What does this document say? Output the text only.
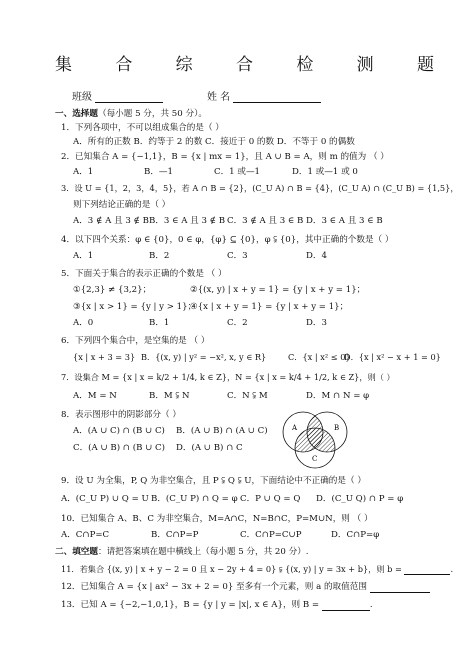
集	合	综	合	检	测	题
班级	姓 名
一、选择题（每小题 5 分，共 50 分）。
1．下列各项中，不可以组成集合的是（ ）
A．所有的正数 B．约等于 2 的数 C．接近于 0 的数 D．不等于 0 的偶数
2．已知集合 A = {−1,1}，B = {x | mx = 1}，且 A ∪ B = A，则 m 的值为 （ ）
A．1	B．—1	C．1 或—1	D．1 或—1 或 0
3．设 U = {1，2，3，4，5}，若 A ∩ B = {2}，(C_U A) ∩ B = {4}，(C_U A) ∩ (C_U B) = {1,5}，
则下列结论正确的是（ ）
A．3 ∉ A 且 3 ∉ B B．3 ∈ A 且 3 ∉ B C．3 ∉ A 且 3 ∈ B D．3 ∈ A 且 3 ∈ B
4．以下四个关系：φ ∈ {0}，0 ∈ φ，{φ} ⊆ {0}，φ ⫋ {0}，其中正确的个数是（ ）
A．1	B．2	C．3	D．4
5．下面关于集合的表示正确的个数是 （ ）
①{2,3} ≠ {3,2}；	②{(x, y) | x + y = 1} = {y | x + y = 1}；
③{x | x > 1} = {y | y > 1}；
④{x | x + y = 1} = {y | x + y = 1}；
A．0	B．1	C．2	D．3
6．下列四个集合中，是空集的是 （ ）
{x | x + 3 = 3} B．{(x, y) | y² = −x², x, y ∈ R}	C．{x | x² ≤ 0}
D．{x | x² − x + 1 = 0}
7．设集合 M = {x | x = k/2 + 1/4, k ∈ Z}，N = {x | x = k/4 + 1/2, k ∈ Z}，则（ ）
A．M = N	B．M ⫋ N	C．N ⫋ M	D．M ∩ N = φ
8．表示图形中的阴影部分（ ）
A．(A ∪ C) ∩ (B ∪ C) B．(A ∪ B) ∩ (A ∪ C)
C．(A ∪ B) ∩ (B ∪ C) D．(A ∪ B) ∩ C
A	B
C
9．设 U 为全集，P, Q 为非空集合，且 P ⫋ Q ⫋ U，下面结论中不正确的是（ ）
A．(C_U P) ∪ Q = U B．(C_U P) ∩ Q = φ C．P ∪ Q = Q D．(C_U Q) ∩ P = φ
10．已知集合 A、B、C 为非空集合，M=A∩C，N=B∩C，P=M∪N，则 （ ）
A．C∩P=C	B．C∩P=P	C．C∩P=C∪P	D．C∩P=φ
二、填空题：请把答案填在题中横线上（每小题 5 分，共 20 分）.
11．若集合 {(x, y) | x + y − 2 = 0 且 x − 2y + 4 = 0} ⫋ {(x, y) | y = 3x + b}，则 b =	.
12．已知集合 A = {x | ax² − 3x + 2 = 0} 至多有一个元素，则 a 的取值范围
13．已知 A = {−2,−1,0,1}，B = {y | y = |x|, x ∈ A}，则 B =	.
